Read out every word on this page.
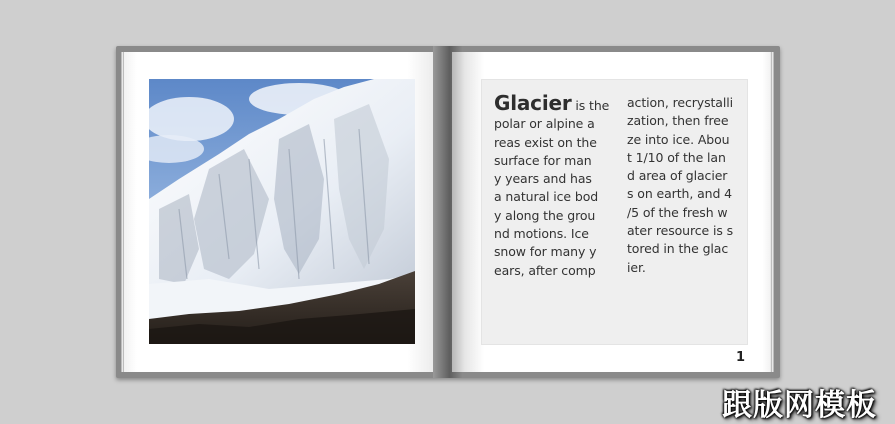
Glacier is the
polar or alpine a
reas exist on the
surface for man
y years and has
a natural ice bod
y along the grou
nd motions. Ice
snow for many y
ears, after comp
action, recrystalli
zation, then free
ze into ice. Abou
t 1/10 of the lan
d area of glacier
s on earth, and 4
/5 of the fresh w
ater resource is s
tored in the glac
ier.
1
跟版网模板
